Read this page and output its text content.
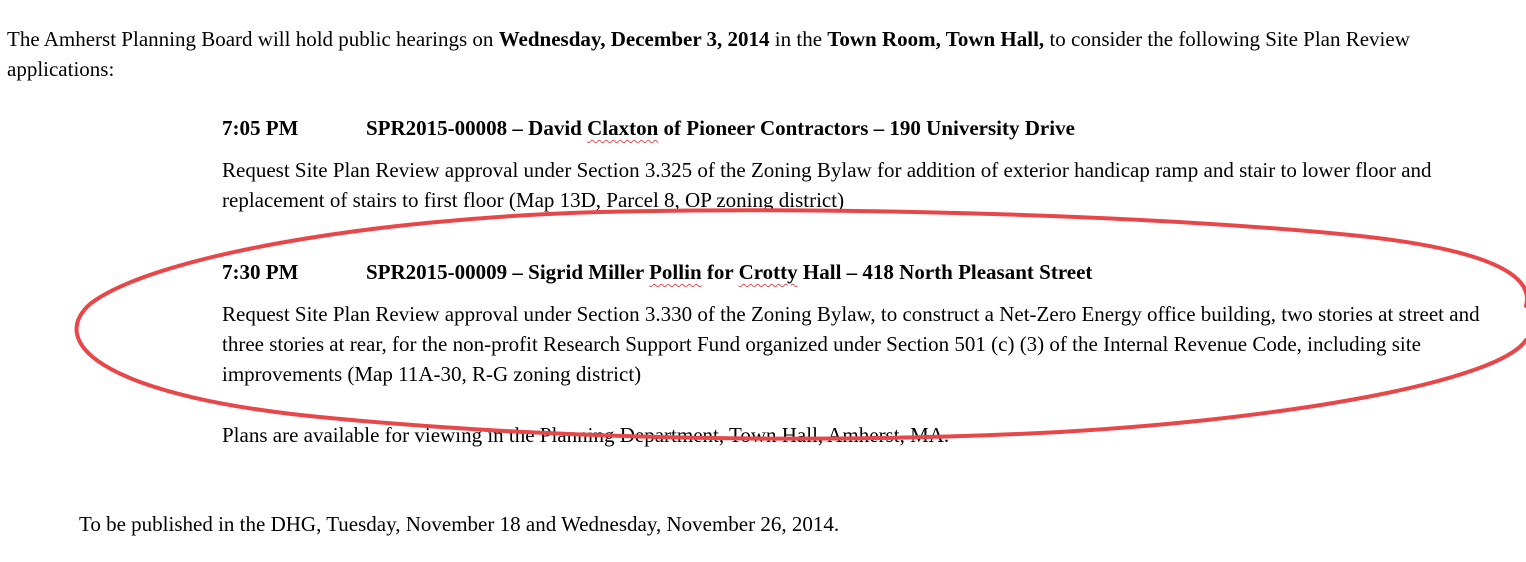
The Amherst Planning Board will hold public hearings on Wednesday, December 3, 2014 in the Town Room, Town Hall, to consider the following Site Plan Review applications:

7:05 PM	SPR2015-00008 – David Claxton of Pioneer Contractors – 190 University Drive

Request Site Plan Review approval under Section 3.325 of the Zoning Bylaw for addition of exterior handicap ramp and stair to lower floor and replacement of stairs to first floor (Map 13D, Parcel 8, OP zoning district)

7:30 PM	SPR2015-00009 – Sigrid Miller Pollin for Crotty Hall – 418 North Pleasant Street

Request Site Plan Review approval under Section 3.330 of the Zoning Bylaw, to construct a Net-Zero Energy office building, two stories at street and three stories at rear, for the non-profit Research Support Fund organized under Section 501 (c) (3) of the Internal Revenue Code, including site improvements (Map 11A-30, R-G zoning district)

Plans are available for viewing in the Planning Department, Town Hall, Amherst, MA.

To be published in the DHG, Tuesday, November 18 and Wednesday, November 26, 2014.
